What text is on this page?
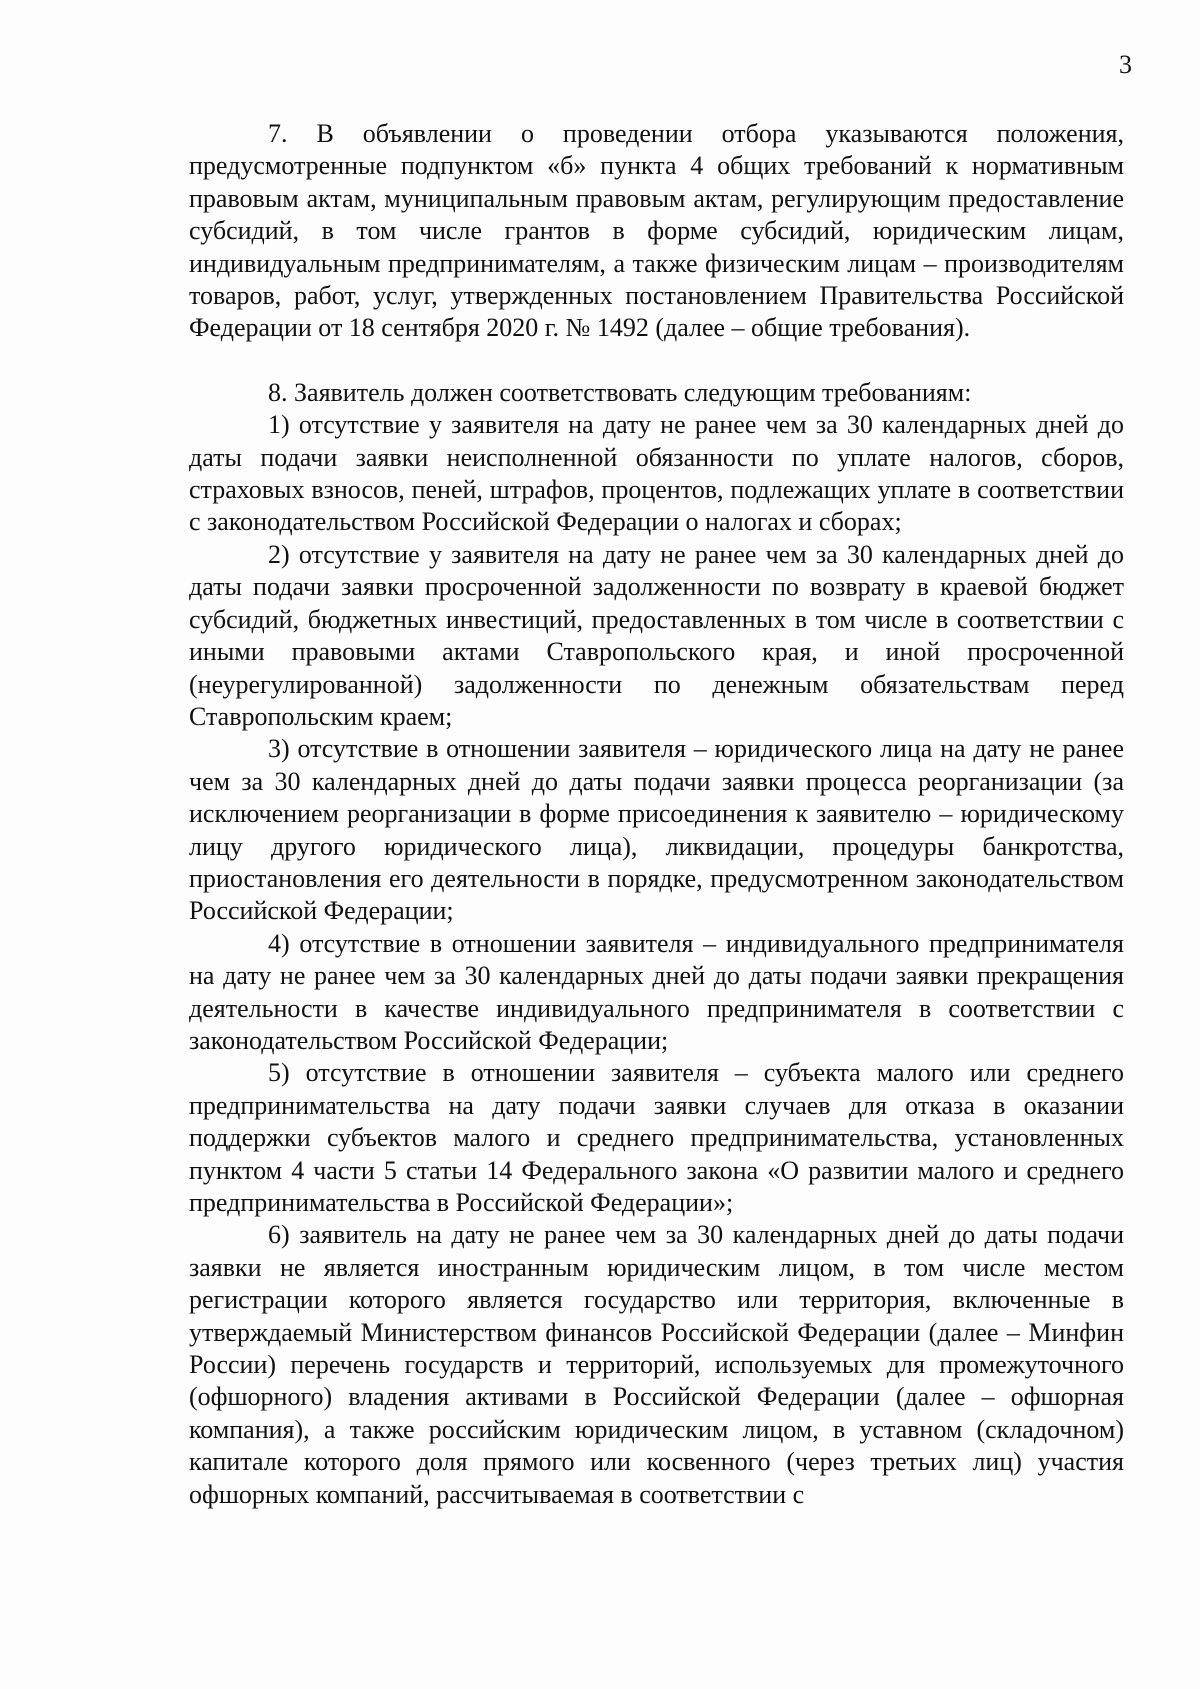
3

7. В объявлении о проведении отбора указываются положения, предусмотренные подпунктом «б» пункта 4 общих требований к нормативным правовым актам, муниципальным правовым актам, регулирующим предоставление субсидий, в том числе грантов в форме субсидий, юридическим лицам, индивидуальным предпринимателям, а также физическим лицам – производителям товаров, работ, услуг, утвержденных постановлением Правительства Российской Федерации от 18 сентября 2020 г. № 1492 (далее – общие требования).

8. Заявитель должен соответствовать следующим требованиям:

1) отсутствие у заявителя на дату не ранее чем за 30 календарных дней до даты подачи заявки неисполненной обязанности по уплате налогов, сборов, страховых взносов, пеней, штрафов, процентов, подлежащих уплате в соответствии с законодательством Российской Федерации о налогах и сборах;

2) отсутствие у заявителя на дату не ранее чем за 30 календарных дней до даты подачи заявки просроченной задолженности по возврату в краевой бюджет субсидий, бюджетных инвестиций, предоставленных в том числе в соответствии с иными правовыми актами Ставропольского края, и иной просроченной (неурегулированной) задолженности по денежным обязательствам перед Ставропольским краем;

3) отсутствие в отношении заявителя – юридического лица на дату не ранее чем за 30 календарных дней до даты подачи заявки процесса реорганизации (за исключением реорганизации в форме присоединения к заявителю – юридическому лицу другого юридического лица), ликвидации, процедуры банкротства, приостановления его деятельности в порядке, предусмотренном законодательством Российской Федерации;

4) отсутствие в отношении заявителя – индивидуального предпринимателя на дату не ранее чем за 30 календарных дней до даты подачи заявки прекращения деятельности в качестве индивидуального предпринимателя в соответствии с законодательством Российской Федерации;

5) отсутствие в отношении заявителя – субъекта малого или среднего предпринимательства на дату подачи заявки случаев для отказа в оказании поддержки субъектов малого и среднего предпринимательства, установленных пунктом 4 части 5 статьи 14 Федерального закона «О развитии малого и среднего предпринимательства в Российской Федерации»;

6) заявитель на дату не ранее чем за 30 календарных дней до даты подачи заявки не является иностранным юридическим лицом, в том числе местом регистрации которого является государство или территория, включенные в утверждаемый Министерством финансов Российской Федерации (далее – Минфин России) перечень государств и территорий, используемых для промежуточного (офшорного) владения активами в Российской Федерации (далее – офшорная компания), а также российским юридическим лицом, в уставном (складочном) капитале которого доля прямого или косвенного (через третьих лиц) участия офшорных компаний, рассчитываемая в соответствии с
